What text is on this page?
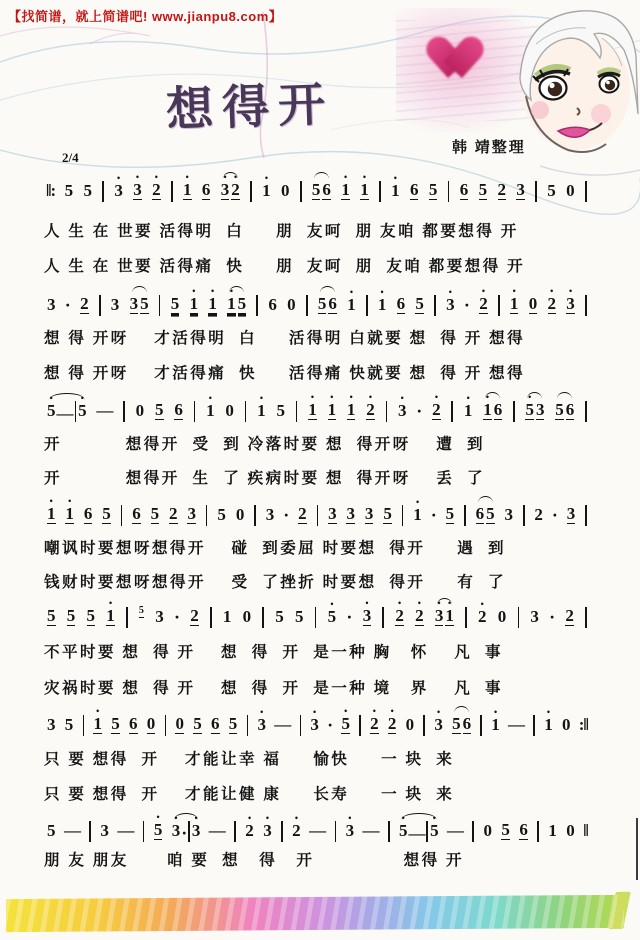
【找简谱，就上简谱吧! www.jianpu8.com】
想得开
2/4
韩 靖整理
‖: 5 5 3
•
3
•
2
•
1
•
6 3
•
2
•
1
•
0 5 6 1
•
1
•
1
•
6 5 6 5 2 3 5 0
人 生 在 世要 活得明  白     朋  友呵  朋 友咱 都要想得 开
人 生 在 世要 活得痛  快     朋  友呵  朋  友咱 都要想得 开
3 · 2 3 3 5 5 1
•
1
•
1
•
5 6 0 5 6 1
•
1
•
6 5 3
•
· 2
•
1
•
0 2
•
3
•
想 得 开呀    才活得明  白     活得明 白就要 想  得 开 想得
想 得 开呀    才活得痛  快     活得痛 快就要 想  得 开 想得
5
•
— 5
•
— 0 5 6 1
•
0 1
•
5 1
•
1
•
1
•
2
•
3
•
· 2
•
1
•
1
•
6 5
•
3 5 6
开          想得开  受  到 冷落时要 想  得开呀    遭  到
开          想得开  生  了 疾病时要 想  得开呀    丢  了
1
•
1
•
6 5 6 5 2 3 5 0 3 · 2 3 3 3 5 1
•
· 5 6 5 3 2 · 3
嘲讽时要想呀想得开    碰  到委屈 时要想  得开     遇  到
钱财时要想呀想得开    受  了挫折 时要想  得开     有  了
5 5 5 1
•
5 3 · 2 1 0 5 5 5
•
· 3
•
2
•
2
•
3
•
1
•
2
•
0 3 · 2
不平时要 想  得 开    想  得  开  是一种 胸   怀    凡  事
灾祸时要 想  得 开    想  得  开  是一种 境   界    凡  事
3 5 1
•
5 6 0 0 5 6 5 3
•
— 3
•
· 5
•
2
•
2
•
0 3
•
5 6 1
•
— 1
•
0 :‖
只 要 想得  开    才能让幸 福     愉快     一 块  来
只 要 想得  开    才能让健 康     长寿     一 块  来
5 — 3 — 5
•
3
•
· 3
•
— 2
•
3
•
2
•
— 3
•
— 5
•
— 5
•
— 0 5 6 1 0 ‖
朋 友 朋友      咱 要  想   得   开              想得 开
